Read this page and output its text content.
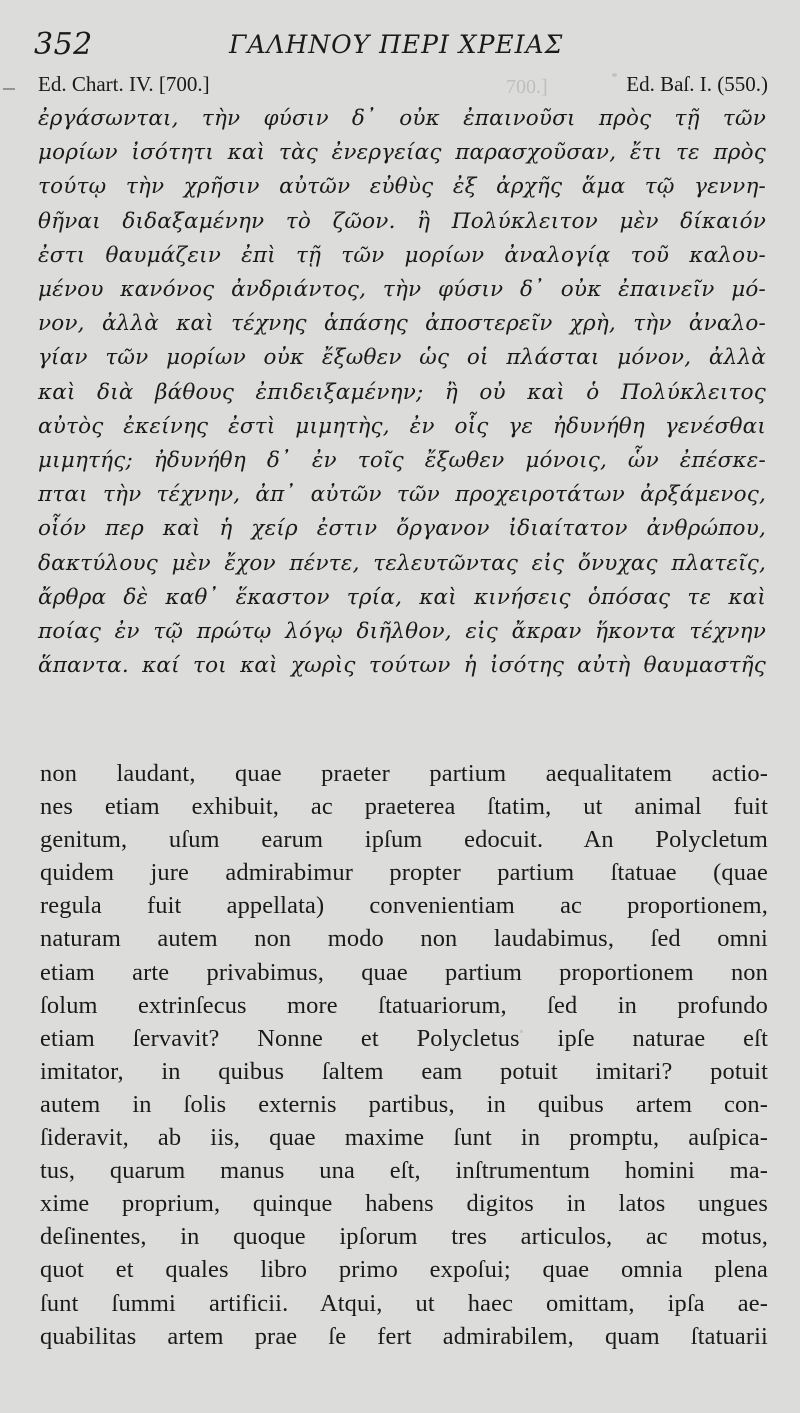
352	ΓΑΛΗΝΟΥ ΠΕΡΙ ΧΡΕΙΑΣ
Ed. Chart. IV. [700.]	700.]	Ed. Baſ. I. (550.)
ἐργάσωνται, τὴν φύσιν δ᾽ οὐκ ἐπαινοῦσι πρὸς τῇ τῶν
μορίων ἰσότητι καὶ τὰς ἐνεργείας παρασχοῦσαν, ἔτι τε πρὸς
τούτῳ τὴν χρῆσιν αὐτῶν εὐθὺς ἐξ ἀρχῆς ἅμα τῷ γεννη-
θῆναι διδαξαμένην τὸ ζῶον. ἢ Πολύκλειτον μὲν δίκαιόν
ἐστι θαυμάζειν ἐπὶ τῇ τῶν μορίων ἀναλογίᾳ τοῦ καλου-
μένου κανόνος ἀνδριάντος, τὴν φύσιν δ᾽ οὐκ ἐπαινεῖν μό-
νον, ἀλλὰ καὶ τέχνης ἁπάσης ἀποστερεῖν χρὴ, τὴν ἀναλο-
γίαν τῶν μορίων οὐκ ἔξωθεν ὡς οἱ πλάσται μόνον, ἀλλὰ
καὶ διὰ βάθους ἐπιδειξαμένην; ἢ οὐ καὶ ὁ Πολύκλειτος
αὐτὸς ἐκείνης ἐστὶ μιμητὴς, ἐν οἷς γε ἠδυνήθη γενέσθαι
μιμητής; ἠδυνήθη δ᾽ ἐν τοῖς ἔξωθεν μόνοις, ὧν ἐπέσκε-
πται τὴν τέχνην, ἀπ᾽ αὐτῶν τῶν προχειροτάτων ἀρξάμενος,
οἷόν περ καὶ ἡ χείρ ἐστιν ὄργανον ἰδιαίτατον ἀνθρώπου,
δακτύλους μὲν ἔχον πέντε, τελευτῶντας εἰς ὄνυχας πλατεῖς,
ἄρθρα δὲ καθ᾽ ἕκαστον τρία, καὶ κινήσεις ὁπόσας τε καὶ
ποίας ἐν τῷ πρώτῳ λόγῳ διῆλθον, εἰς ἄκραν ἥκοντα τέχνην
ἅπαντα. καί τοι καὶ χωρὶς τούτων ἡ ἰσότης αὐτὴ θαυμαστῆς
non laudant, quae praeter partium aequalitatem actio-
nes etiam exhibuit, ac praeterea ſtatim, ut animal fuit
genitum, uſum earum ipſum edocuit. An Polycletum
quidem jure admirabimur propter partium ſtatuae (quae
regula fuit appellata) convenientiam ac proportionem,
naturam autem non modo non laudabimus, ſed omni
etiam arte privabimus, quae partium proportionem non
ſolum extrinſecus more ſtatuariorum, ſed in profundo
etiam ſervavit? Nonne et Polycletus ipſe naturae eſt
imitator, in quibus ſaltem eam potuit imitari? potuit
autem in ſolis externis partibus, in quibus artem con-
ſideravit, ab iis, quae maxime ſunt in promptu, auſpica-
tus, quarum manus una eſt, inſtrumentum homini ma-
xime proprium, quinque habens digitos in latos ungues
deſinentes, in quoque ipſorum tres articulos, ac motus,
quot et quales libro primo expoſui; quae omnia plena
ſunt ſummi artificii. Atqui, ut haec omittam, ipſa ae-
quabilitas artem prae ſe fert admirabilem, quam ſtatuarii
